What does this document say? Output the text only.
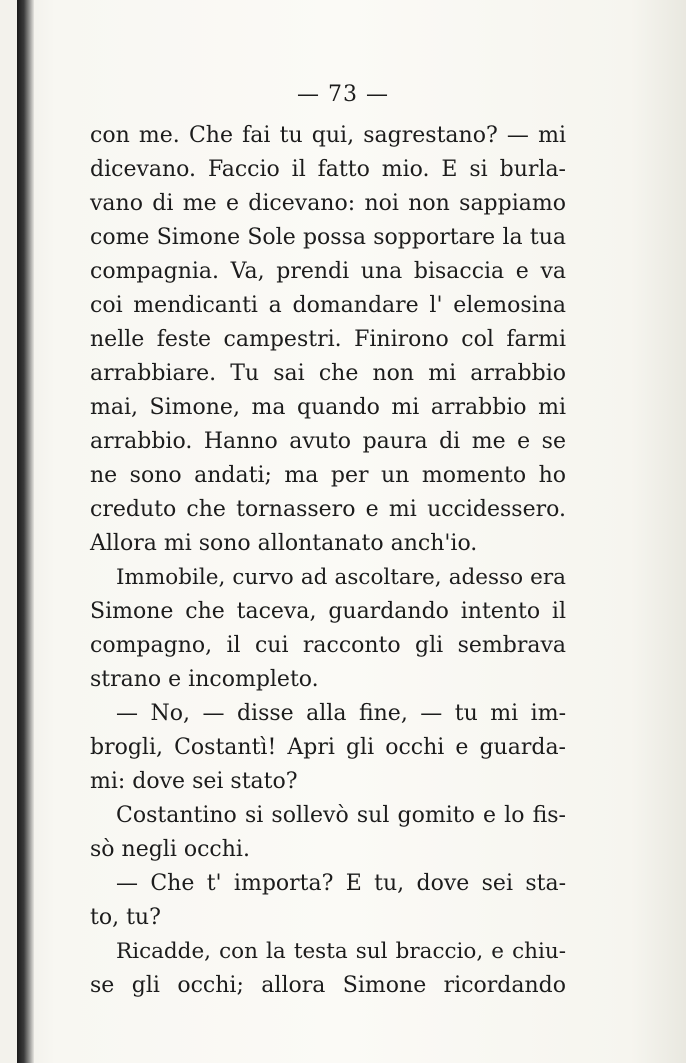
— 73 —
con me. Che fai tu qui, sagrestano? — mi
dicevano. Faccio il fatto mio. E si burla-
vano di me e dicevano: noi non sappiamo
come Simone Sole possa sopportare la tua
compagnia. Va, prendi una bisaccia e va
coi mendicanti a domandare l' elemosina
nelle feste campestri. Finirono col farmi
arrabbiare. Tu sai che non mi arrabbio
mai, Simone, ma quando mi arrabbio mi
arrabbio. Hanno avuto paura di me e se
ne sono andati; ma per un momento ho
creduto che tornassero e mi uccidessero.
Allora mi sono allontanato anch'io.
Immobile, curvo ad ascoltare, adesso era
Simone che taceva, guardando intento il
compagno, il cui racconto gli sembrava
strano e incompleto.
— No, — disse alla fine, — tu mi im-
brogli, Costantì! Apri gli occhi e guarda-
mi: dove sei stato?
Costantino si sollevò sul gomito e lo fis-
sò negli occhi.
— Che t' importa? E tu, dove sei sta-
to, tu?
Ricadde, con la testa sul braccio, e chiu-
se gli occhi; allora Simone ricordando
